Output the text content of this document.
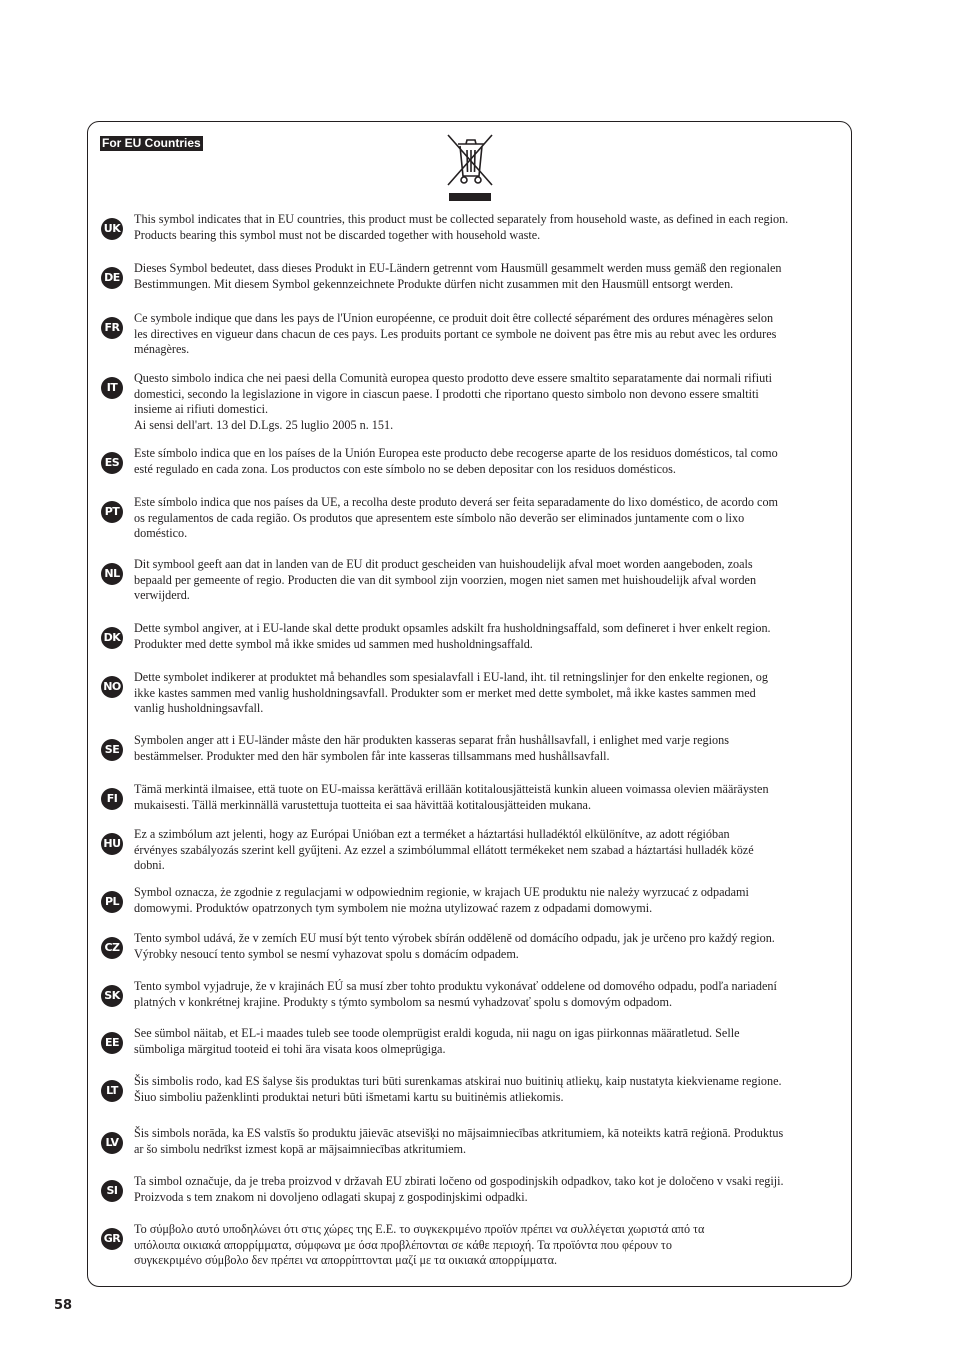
For EU Countries
UK
This symbol indicates that in EU countries, this product must be collected separately from household waste, as defined in each region.
Products bearing this symbol must not be discarded together with household waste.
DE
Dieses Symbol bedeutet, dass dieses Produkt in EU-Ländern getrennt vom Hausmüll gesammelt werden muss gemäß den regionalen
Bestimmungen. Mit diesem Symbol gekennzeichnete Produkte dürfen nicht zusammen mit den Hausmüll entsorgt werden.
FR
Ce symbole indique que dans les pays de l'Union européenne, ce produit doit être collecté séparément des ordures ménagères selon
les directives en vigueur dans chacun de ces pays. Les produits portant ce symbole ne doivent pas être mis au rebut avec les ordures
ménagères.
IT
Questo simbolo indica che nei paesi della Comunità europea questo prodotto deve essere smaltito separatamente dai normali rifiuti
domestici, secondo la legislazione in vigore in ciascun paese. I prodotti che riportano questo simbolo non devono essere smaltiti
insieme ai rifiuti domestici.
Ai sensi dell'art. 13 del D.Lgs. 25 luglio 2005 n. 151.
ES
Este símbolo indica que en los países de la Unión Europea este producto debe recogerse aparte de los residuos domésticos, tal como
esté regulado en cada zona. Los productos con este símbolo no se deben depositar con los residuos domésticos.
PT
Este símbolo indica que nos países da UE, a recolha deste produto deverá ser feita separadamente do lixo doméstico, de acordo com
os regulamentos de cada região. Os produtos que apresentem este símbolo não deverão ser eliminados juntamente com o lixo
doméstico.
NL
Dit symbool geeft aan dat in landen van de EU dit product gescheiden van huishoudelijk afval moet worden aangeboden, zoals
bepaald per gemeente of regio. Producten die van dit symbool zijn voorzien, mogen niet samen met huishoudelijk afval worden
verwijderd.
DK
Dette symbol angiver, at i EU-lande skal dette produkt opsamles adskilt fra husholdningsaffald, som defineret i hver enkelt region.
Produkter med dette symbol må ikke smides ud sammen med husholdningsaffald.
NO
Dette symbolet indikerer at produktet må behandles som spesialavfall i EU-land, iht. til retningslinjer for den enkelte regionen, og
ikke kastes sammen med vanlig husholdningsavfall. Produkter som er merket med dette symbolet, må ikke kastes sammen med
vanlig husholdningsavfall.
SE
Symbolen anger att i EU-länder måste den här produkten kasseras separat från hushållsavfall, i enlighet med varje regions
bestämmelser. Produkter med den här symbolen får inte kasseras tillsammans med hushållsavfall.
FI
Tämä merkintä ilmaisee, että tuote on EU-maissa kerättävä erillään kotitalousjätteistä kunkin alueen voimassa olevien määräysten
mukaisesti. Tällä merkinnällä varustettuja tuotteita ei saa hävittää kotitalousjätteiden mukana.
HU
Ez a szimbólum azt jelenti, hogy az Európai Unióban ezt a terméket a háztartási hulladéktól elkülönítve, az adott régióban
érvényes szabályozás szerint kell gyűjteni. Az ezzel a szimbólummal ellátott termékeket nem szabad a háztartási hulladék közé
dobni.
PL
Symbol oznacza, że zgodnie z regulacjami w odpowiednim regionie, w krajach UE produktu nie należy wyrzucać z odpadami
domowymi. Produktów opatrzonych tym symbolem nie można utylizować razem z odpadami domowymi.
CZ
Tento symbol udává, že v zemích EU musí být tento výrobek sbírán odděleně od domácího odpadu, jak je určeno pro každý region.
Výrobky nesoucí tento symbol se nesmí vyhazovat spolu s domácím odpadem.
SK
Tento symbol vyjadruje, že v krajinách EÚ sa musí zber tohto produktu vykonávať oddelene od domového odpadu, podľa nariadení
platných v konkrétnej krajine. Produkty s týmto symbolom sa nesmú vyhadzovať spolu s domovým odpadom.
EE
See sümbol näitab, et EL-i maades tuleb see toode olemprügist eraldi koguda, nii nagu on igas piirkonnas määratletud. Selle
sümboliga märgitud tooteid ei tohi ära visata koos olmeprügiga.
LT
Šis simbolis rodo, kad ES šalyse šis produktas turi būti surenkamas atskirai nuo buitinių atliekų, kaip nustatyta kiekviename regione.
Šiuo simboliu paženklinti produktai neturi būti išmetami kartu su buitinėmis atliekomis.
LV
Šis simbols norāda, ka ES valstīs šo produktu jāievāc atsevišķi no mājsaimniecības atkritumiem, kā noteikts katrā reģionā. Produktus
ar šo simbolu nedrīkst izmest kopā ar mājsaimniecības atkritumiem.
SI
Ta simbol označuje, da je treba proizvod v državah EU zbirati ločeno od gospodinjskih odpadkov, tako kot je določeno v vsaki regiji.
Proizvoda s tem znakom ni dovoljeno odlagati skupaj z gospodinjskimi odpadki.
GR
Το σύμβολο αυτό υποδηλώνει ότι στις χώρες της Ε.Ε. το συγκεκριμένο προϊόν πρέπει να συλλέγεται χωριστά από τα
υπόλοιπα οικιακά απορρίμματα, σύμφωνα με όσα προβλέπονται σε κάθε περιοχή. Τα προϊόντα που φέρουν το
συγκεκριμένο σύμβολο δεν πρέπει να απορρίπτονται μαζί με τα οικιακά απορρίμματα.
58
